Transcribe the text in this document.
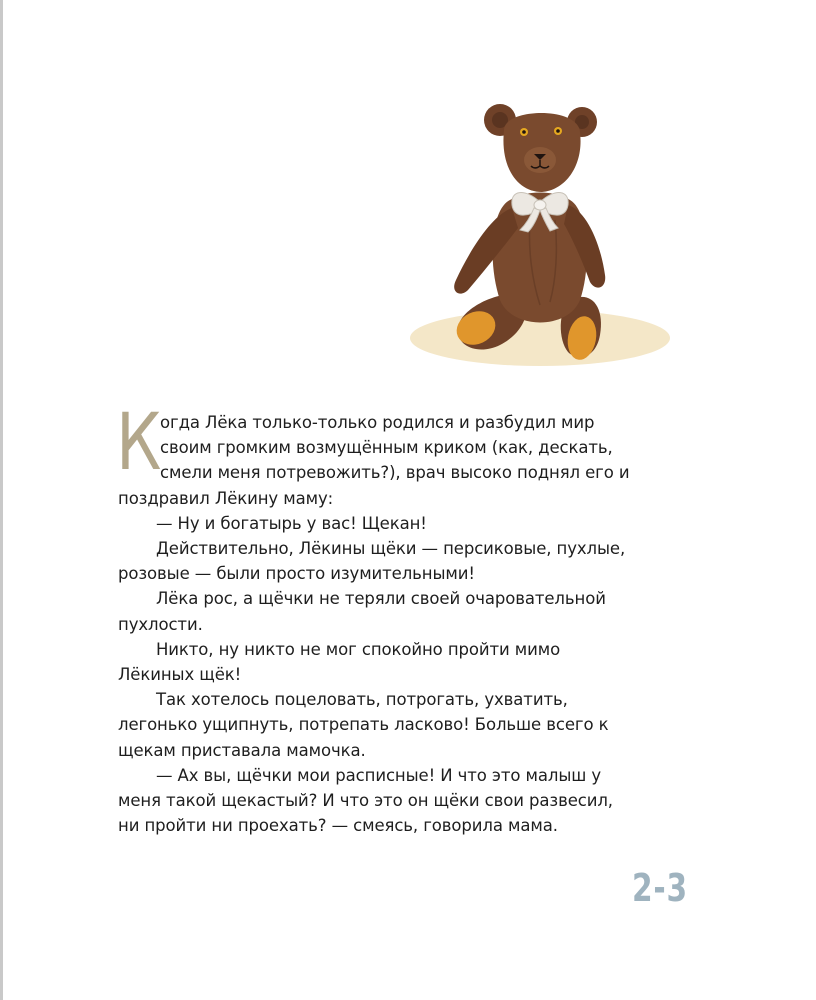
К
огда Лёка только-только родился и разбудил мир своим громким возмущённым криком (как, дескать, смели меня потревожить?), врач высоко поднял его и поздравил Лёкину маму:

— Ну и богатырь у вас! Щекан!

Действительно, Лёкины щёки — персиковые, пухлые, розовые — были просто изумительными!

Лёка рос, а щёчки не теряли своей очаровательной пухлости.

Никто, ну никто не мог спокойно пройти мимо Лёкиных щёк!

Так хотелось поцеловать, потрогать, ухватить, легонько ущипнуть, потрепать ласково! Больше всего к щекам приставала мамочка.

— Ах вы, щёчки мои расписные! И что это малыш у меня такой щекастый? И что это он щёки свои развесил, ни пройти ни проехать? — смеясь, говорила мама.

2-3
